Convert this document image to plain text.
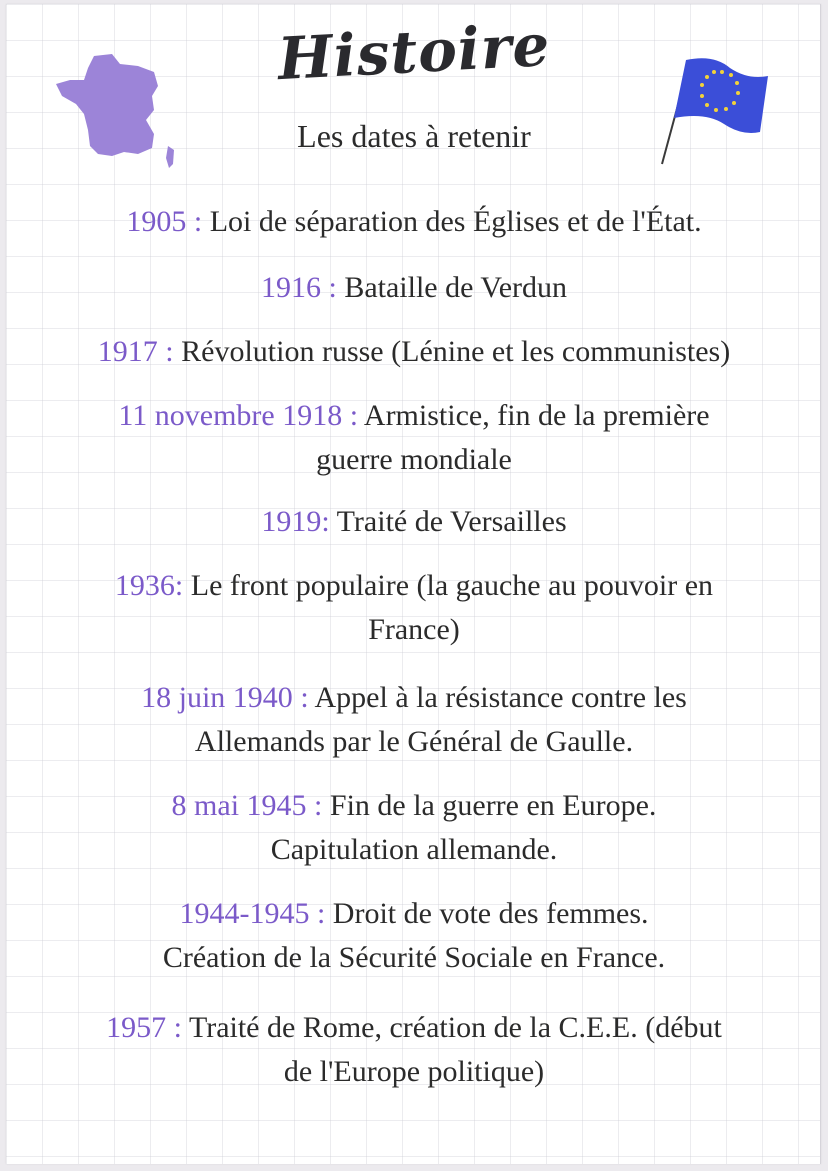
Histoire
Les dates à retenir
1905 : Loi de séparation des Églises et de l'État.
1916 : Bataille de Verdun
1917 : Révolution russe (Lénine et les communistes)
11 novembre 1918 : Armistice, fin de la première
guerre mondiale
1919: Traité de Versailles
1936: Le front populaire (la gauche au pouvoir en
France)
18 juin 1940 : Appel à la résistance contre les
Allemands par le Général de Gaulle.
8 mai 1945 : Fin de la guerre en Europe.
Capitulation allemande.
1944-1945 : Droit de vote des femmes.
Création de la Sécurité Sociale en France.
1957 : Traité de Rome, création de la C.E.E. (début
de l'Europe politique)
